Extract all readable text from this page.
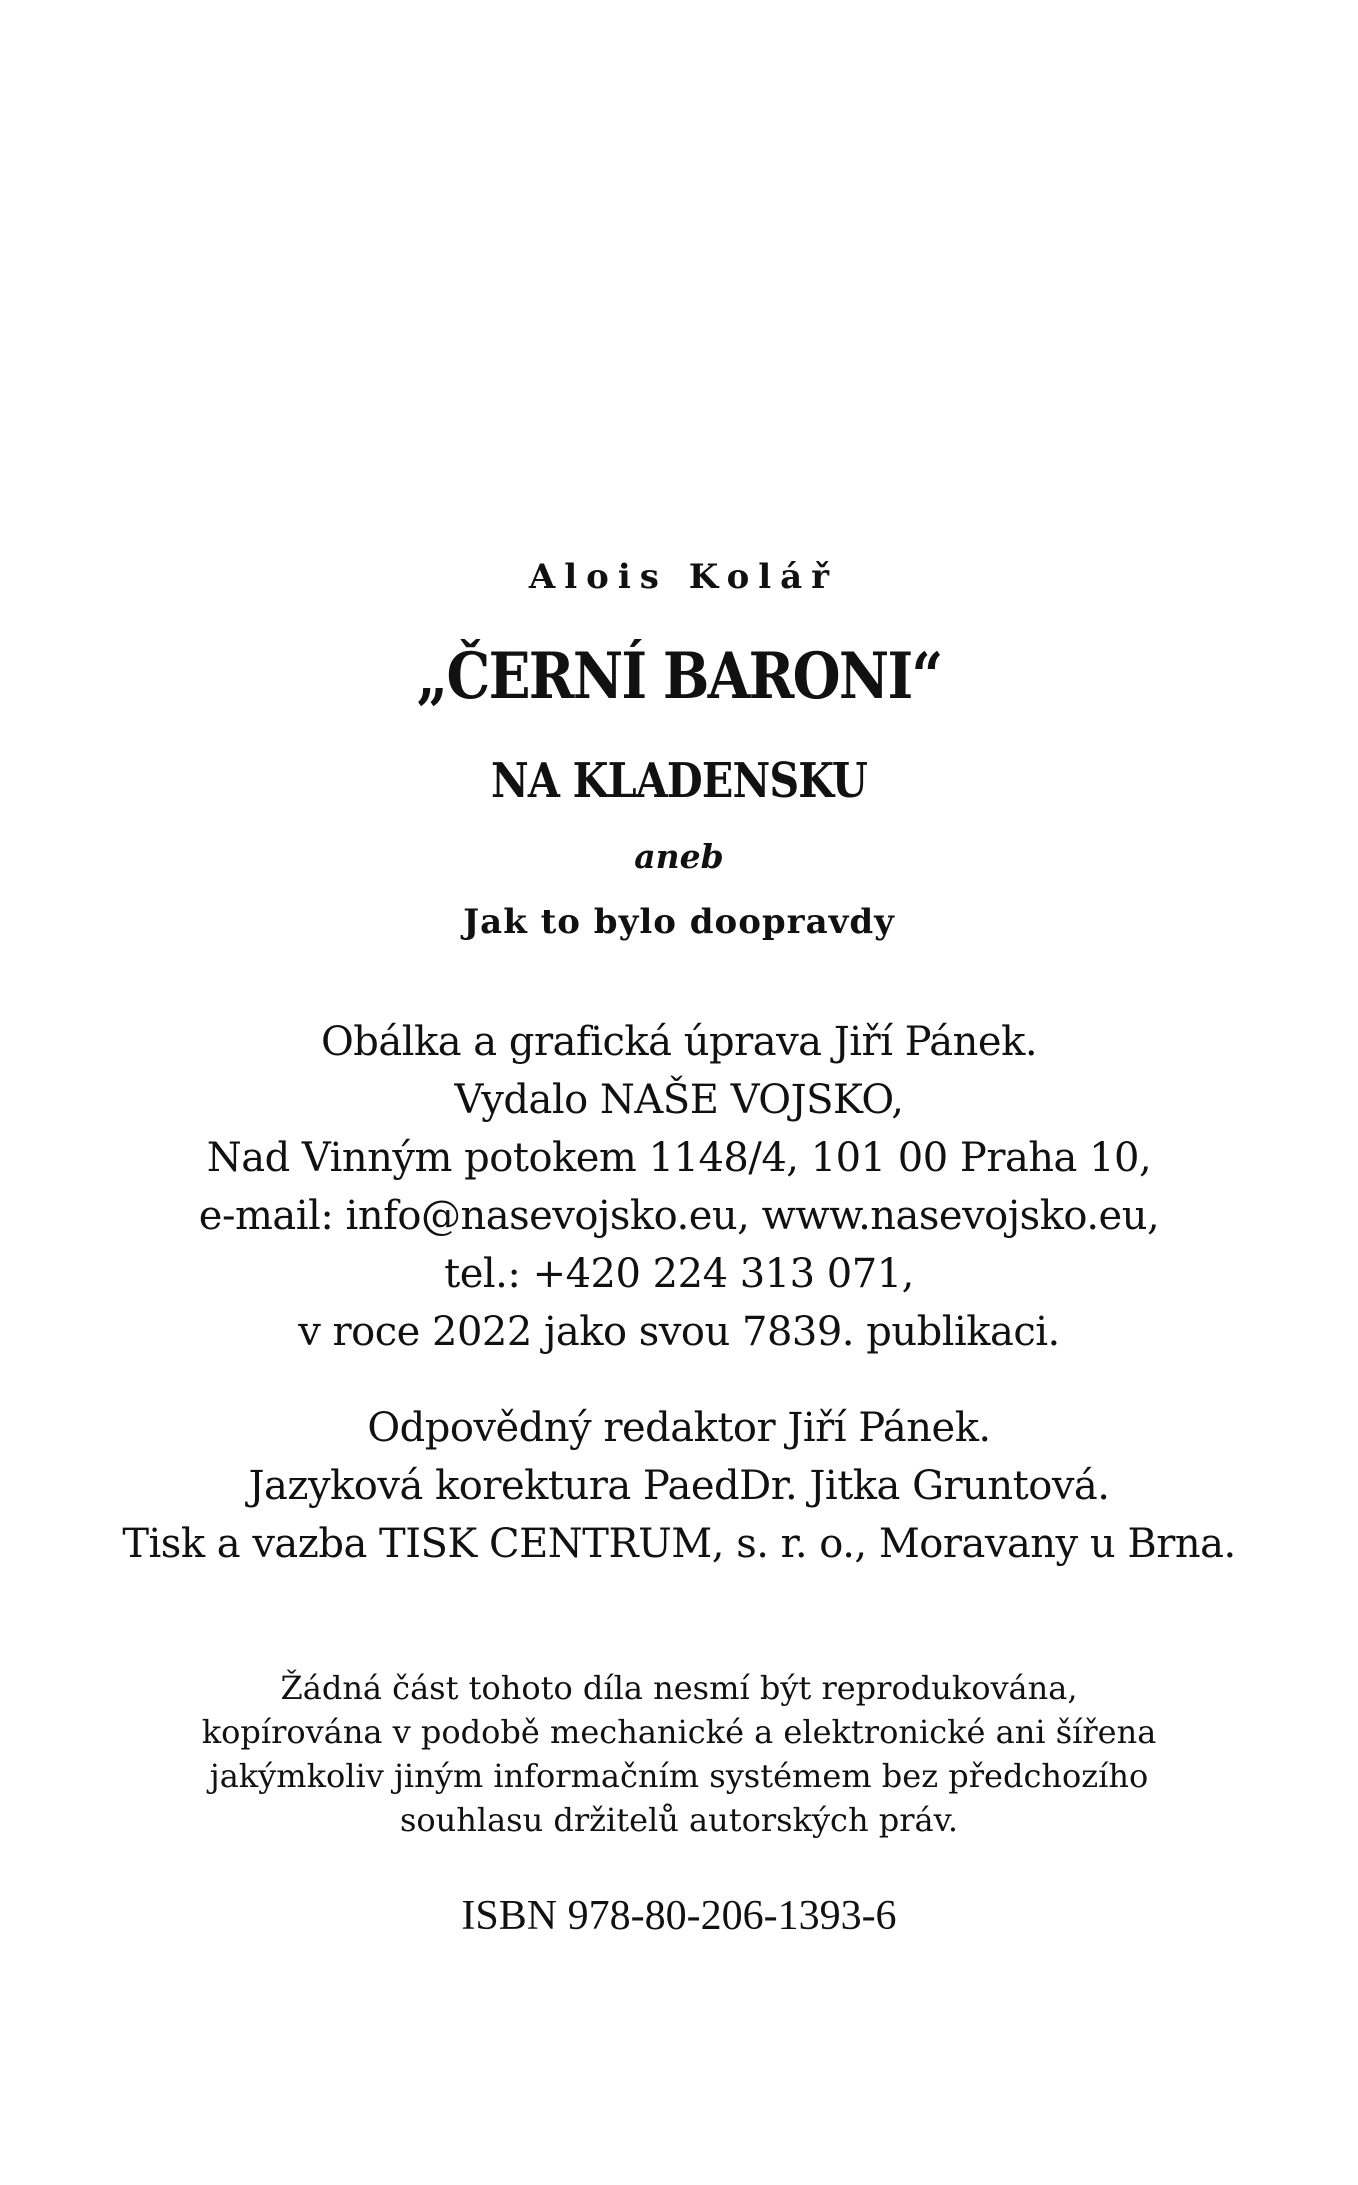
Alois Kolář
„ČERNÍ BARONI“
NA KLADENSKU
aneb
Jak to bylo doopravdy
Obálka a grafická úprava Jiří Pánek.
Vydalo NAŠE VOJSKO,
Nad Vinným potokem 1148/4, 101 00 Praha 10,
e-mail: info@nasevojsko.eu, www.nasevojsko.eu,
tel.: +420 224 313 071,
v roce 2022 jako svou 7839. publikaci.
Odpovědný redaktor Jiří Pánek.
Jazyková korektura PaedDr. Jitka Gruntová.
Tisk a vazba TISK CENTRUM, s. r. o., Moravany u Brna.
Žádná část tohoto díla nesmí být reprodukována,
kopírována v podobě mechanické a elektronické ani šířena
jakýmkoliv jiným informačním systémem bez předchozího
souhlasu držitelů autorských práv.
ISBN 978-80-206-1393-6
